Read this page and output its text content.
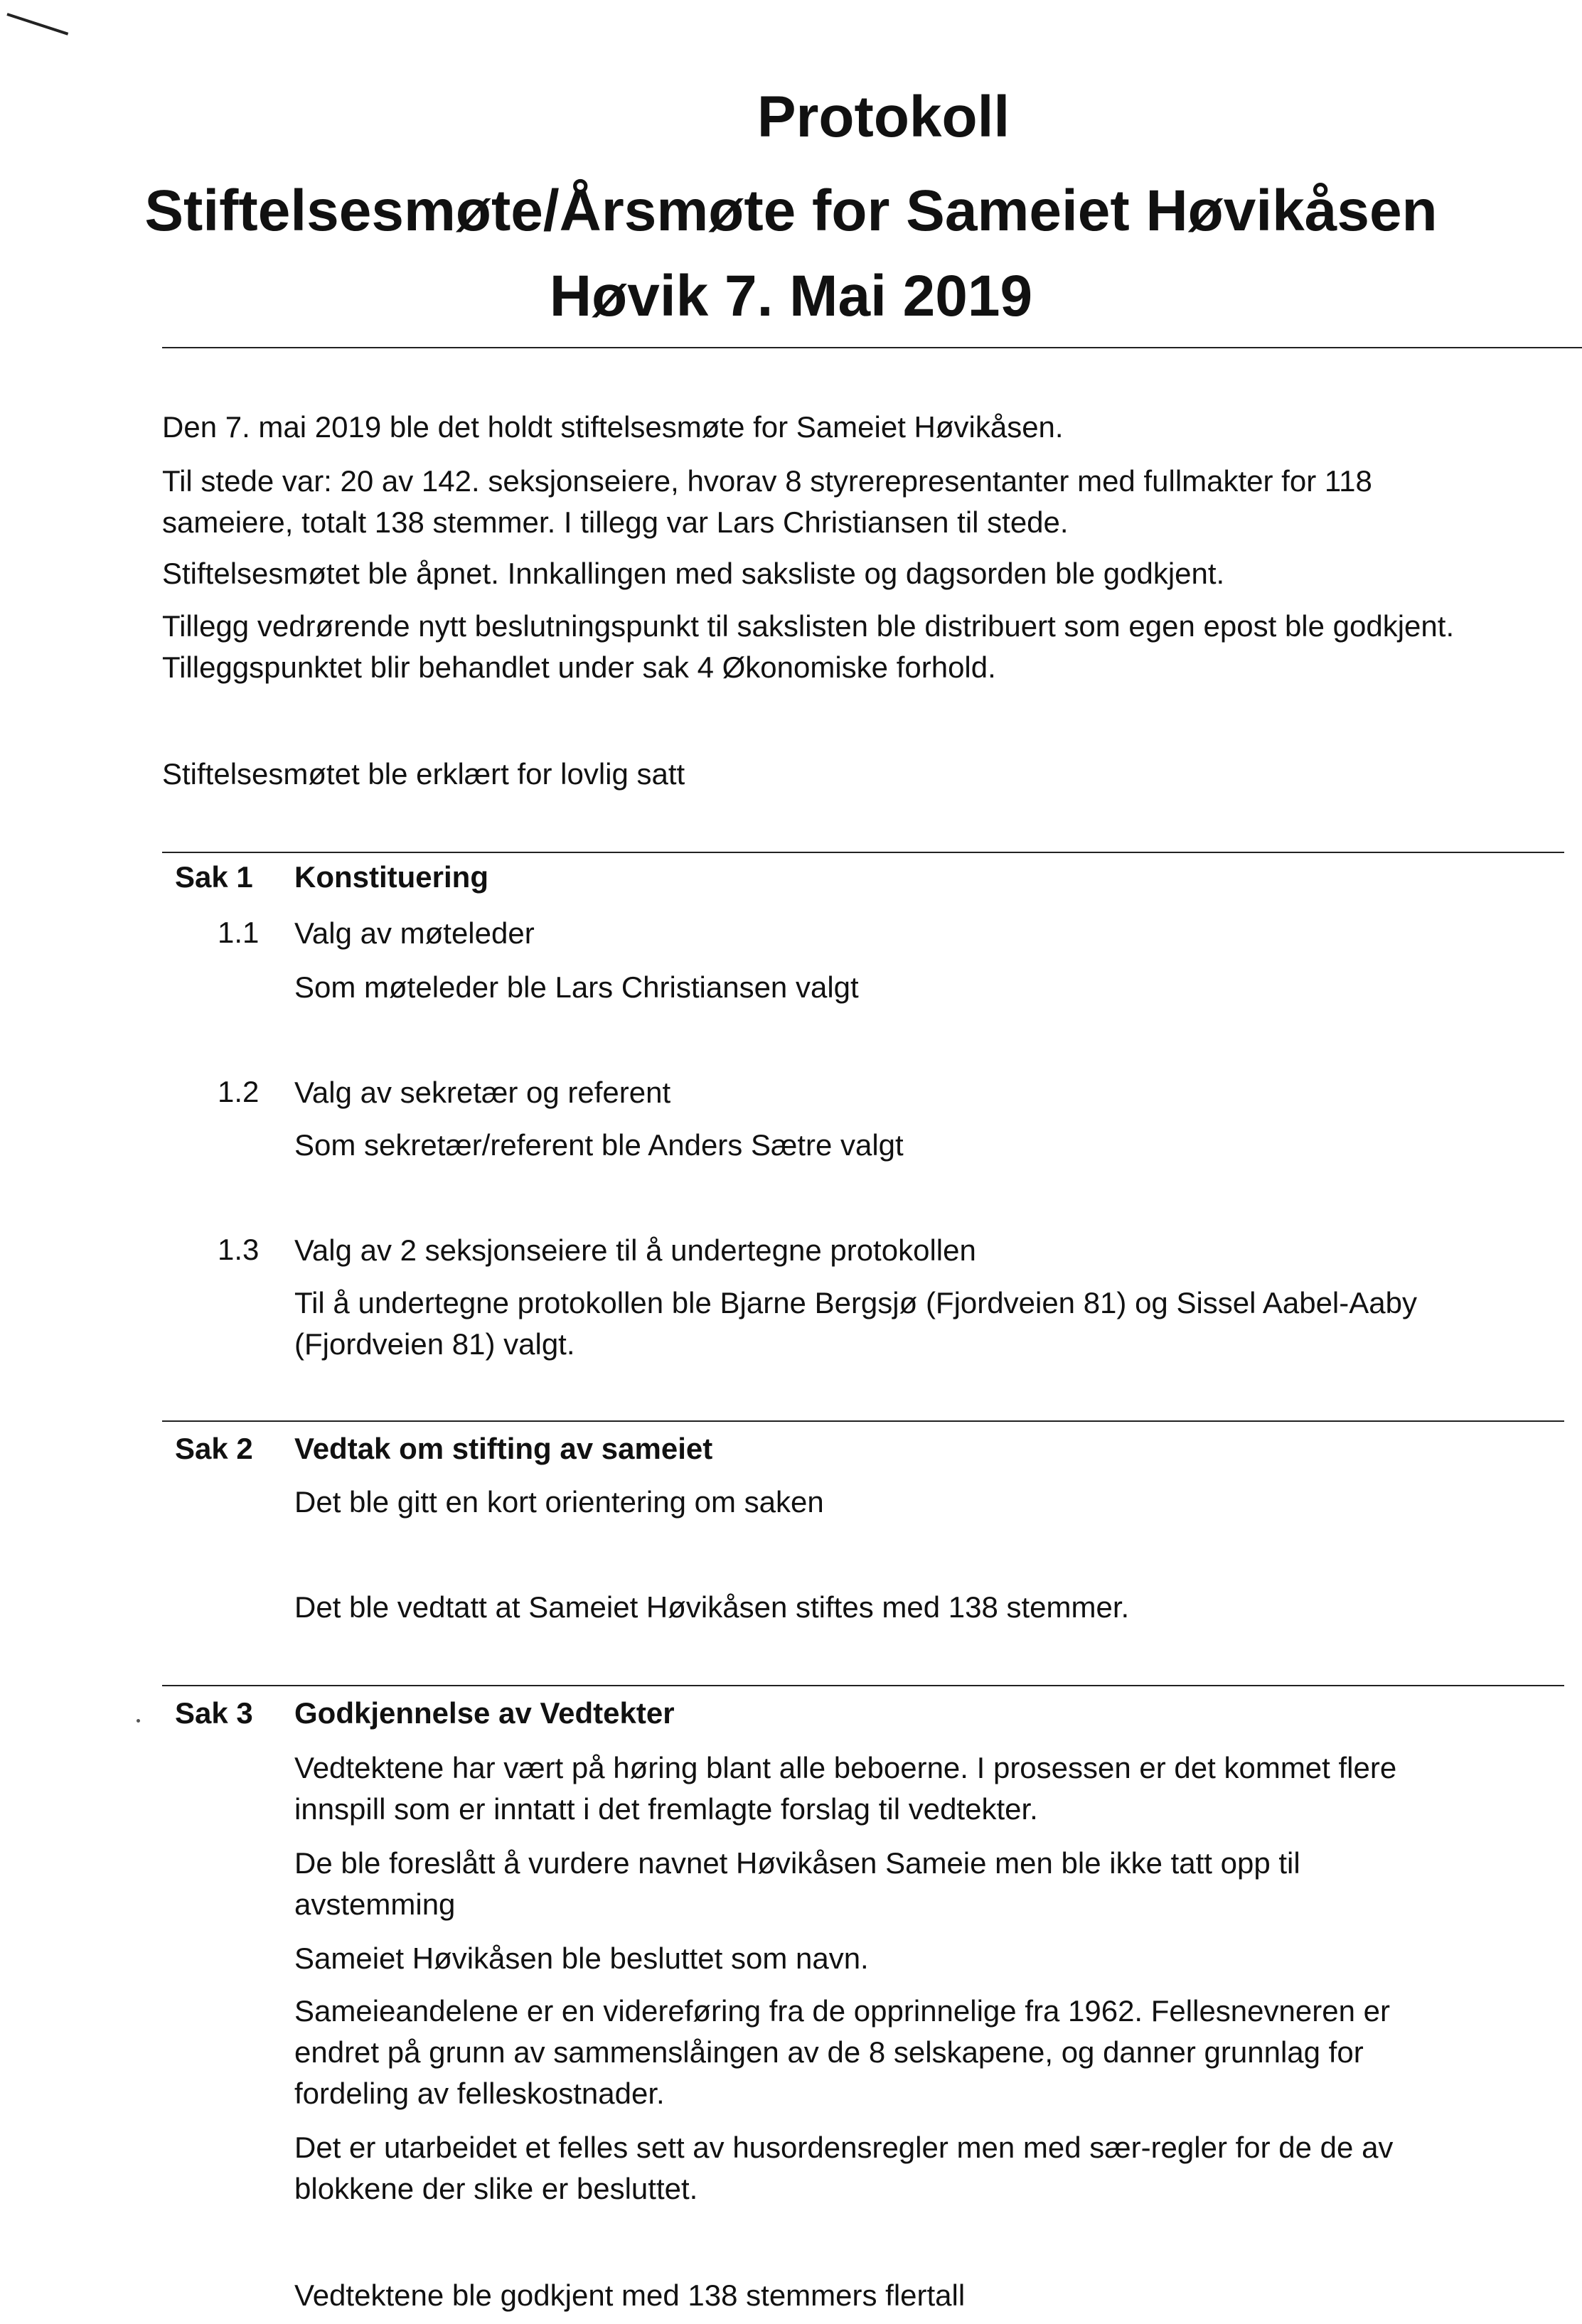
Protokoll
Stiftelsesmøte/Årsmøte for Sameiet Høvikåsen
Høvik 7. Mai 2019
Den 7. mai 2019 ble det holdt stiftelsesmøte for Sameiet Høvikåsen.
Til stede var: 20 av 142. seksjonseiere, hvorav 8 styrerepresentanter med fullmakter for 118
sameiere, totalt 138 stemmer. I tillegg var Lars Christiansen til stede.
Stiftelsesmøtet ble åpnet. Innkallingen med saksliste og dagsorden ble godkjent.
Tillegg vedrørende nytt beslutningspunkt til sakslisten ble distribuert som egen epost ble godkjent.
Tilleggspunktet blir behandlet under sak 4 Økonomiske forhold.
Stiftelsesmøtet ble erklært for lovlig satt
Sak 1 Konstituering
1.1 Valg av møteleder
Som møteleder ble Lars Christiansen valgt
1.2 Valg av sekretær og referent
Som sekretær/referent ble Anders Sætre valgt
1.3 Valg av 2 seksjonseiere til å undertegne protokollen
Til å undertegne protokollen ble Bjarne Bergsjø (Fjordveien 81) og Sissel Aabel-Aaby
(Fjordveien 81) valgt.
Sak 2 Vedtak om stifting av sameiet
Det ble gitt en kort orientering om saken
Det ble vedtatt at Sameiet Høvikåsen stiftes med 138 stemmer.
Sak 3 Godkjennelse av Vedtekter
Vedtektene har vært på høring blant alle beboerne. I prosessen er det kommet flere
innspill som er inntatt i det fremlagte forslag til vedtekter.
De ble foreslått å vurdere navnet Høvikåsen Sameie men ble ikke tatt opp til
avstemming
Sameiet Høvikåsen ble besluttet som navn.
Sameieandelene er en videreføring fra de opprinnelige fra 1962. Fellesnevneren er
endret på grunn av sammenslåingen av de 8 selskapene, og danner grunnlag for
fordeling av felleskostnader.
Det er utarbeidet et felles sett av husordensregler men med sær-regler for de de av
blokkene der slike er besluttet.
Vedtektene ble godkjent med 138 stemmers flertall
